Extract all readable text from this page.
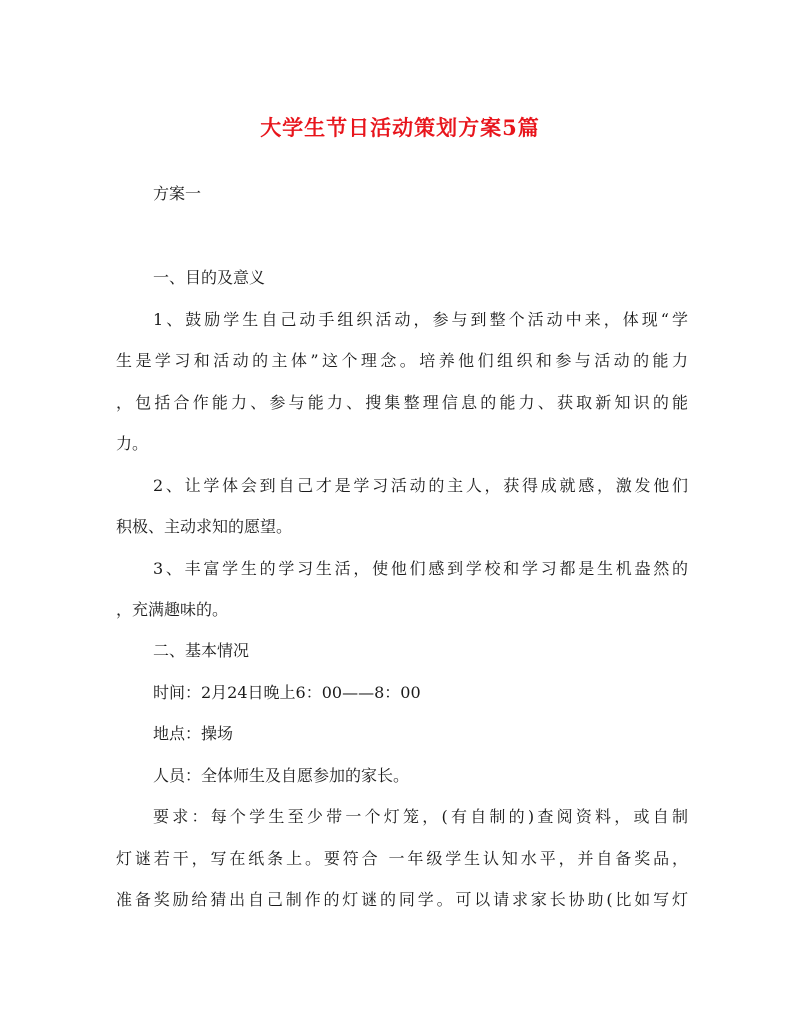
大学生节日活动策划方案5篇
方案一
一、目的及意义
1、鼓励学生自己动手组织活动，参与到整个活动中来，体现“学
生是学习和活动的主体”这个理念。培养他们组织和参与活动的能力
，包括合作能力、参与能力、搜集整理信息的能力、获取新知识的能
力。
2、让学体会到自己才是学习活动的主人，获得成就感，激发他们
积极、主动求知的愿望。
3、丰富学生的学习生活，使他们感到学校和学习都是生机盎然的
，充满趣味的。
二、基本情况
时间：2月24日晚上6：00——8：00
地点：操场
人员：全体师生及自愿参加的家长。
要求：每个学生至少带一个灯笼，(有自制的)查阅资料，或自制
灯谜若干，写在纸条上。要符合 一年级学生认知水平，并自备奖品，
准备奖励给猜出自己制作的灯谜的同学。可以请求家长协助(比如写灯
